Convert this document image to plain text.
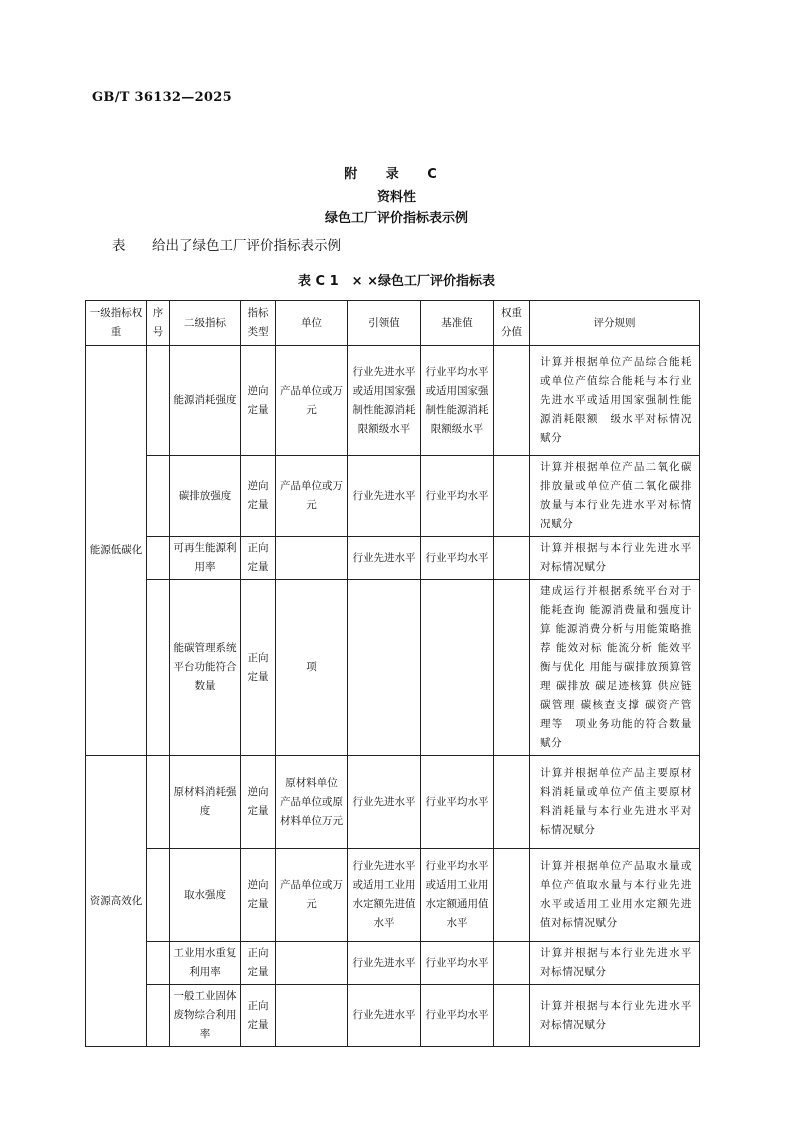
GB/T 36132—2025
附 录 C
资料性
绿色工厂评价指标表示例
表 给出了绿色工厂评价指标表示例
表 C 1　× ×绿色工厂评价指标表
一级指标权重	序号	二级指标	指标类型	单位	引领值	基准值	权重分值	评分规则
能源低碳化		能源消耗强度	逆向定量	产品单位或万元	行业先进水平或适用国家强制性能源消耗限额级水平	行业平均水平或适用国家强制性能源消耗限额级水平		计算并根据单位产品综合能耗或单位产值综合能耗与本行业先进水平或适用国家强制性能源消耗限额　级水平对标情况赋分
		碳排放强度	逆向定量	产品单位或万元	行业先进水平	行业平均水平		计算并根据单位产品二氧化碳排放量或单位产值二氧化碳排放量与本行业先进水平对标情况赋分
		可再生能源利用率	正向定量		行业先进水平	行业平均水平		计算并根据与本行业先进水平对标情况赋分
		能碳管理系统平台功能符合数量	正向定量	项				建成运行并根据系统平台对于能耗查询 能源消费量和强度计算 能源消费分析与用能策略推荐 能效对标 能流分析 能效平衡与优化 用能与碳排放预算管理 碳排放 碳足迹核算 供应链碳管理 碳核查支撑 碳资产管理等　项业务功能的符合数量赋分
资源高效化		原材料消耗强度	逆向定量	原材料单位 产品单位或原材料单位万元	行业先进水平	行业平均水平		计算并根据单位产品主要原材料消耗量或单位产值主要原材料消耗量与本行业先进水平对标情况赋分
		取水强度	逆向定量	产品单位或万元	行业先进水平或适用工业用水定额先进值水平	行业平均水平或适用工业用水定额通用值水平		计算并根据单位产品取水量或单位产值取水量与本行业先进水平或适用工业用水定额先进值对标情况赋分
		工业用水重复利用率	正向定量		行业先进水平	行业平均水平		计算并根据与本行业先进水平对标情况赋分
		一般工业固体废物综合利用率	正向定量		行业先进水平	行业平均水平		计算并根据与本行业先进水平对标情况赋分
